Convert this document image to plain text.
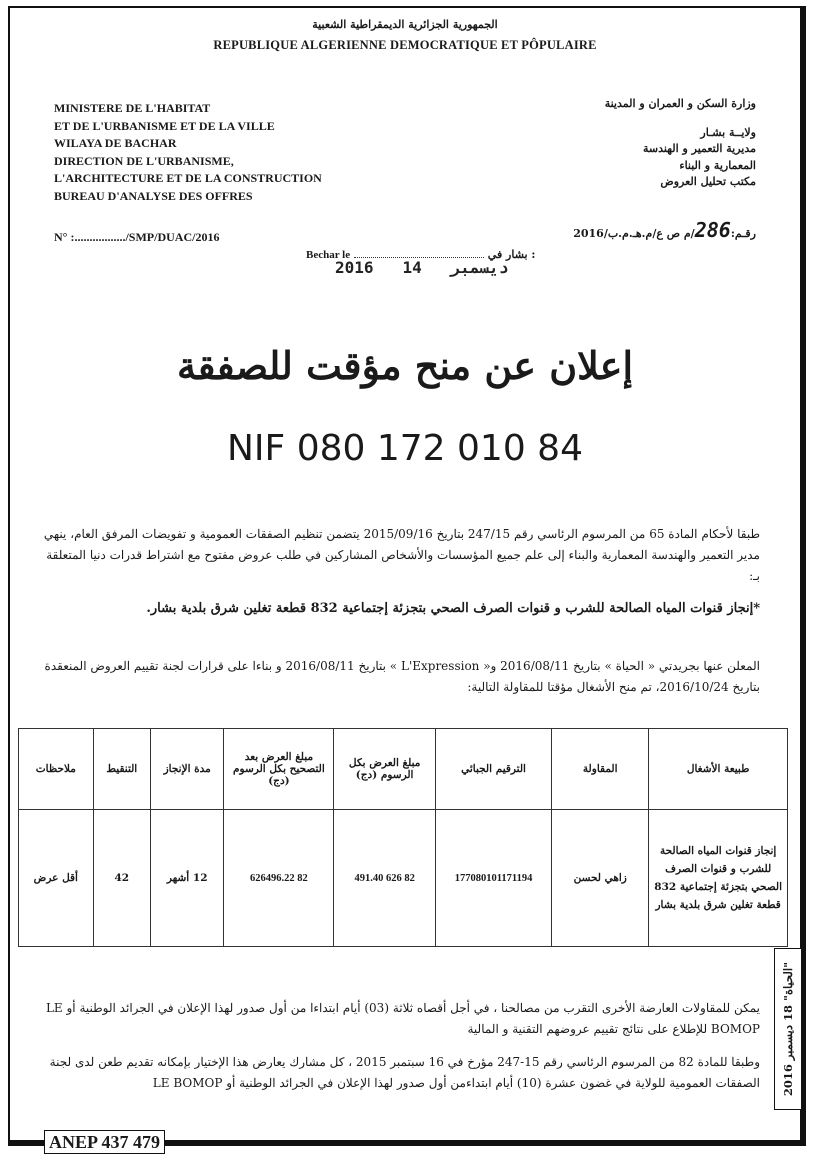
الجمهورية الجزائرية الديمقراطية الشعبية
REPUBLIQUE ALGERIENNE DEMOCRATIQUE ET PÔPULAIRE
MINISTERE DE L'HABITAT
ET DE L'URBANISME ET DE LA VILLE
WILAYA DE BACHAR
DIRECTION DE L'URBANISME,
L'ARCHITECTURE ET DE LA CONSTRUCTION
BUREAU D'ANALYSE DES OFFRES
N° :................./SMP/DUAC/2016
وزارة السكن و العمران و المدينة
ولايــة بشـار
مديرية التعمير و الهندسة
المعمارية و البناء
مكتب تحليل العروض
رقـم:286/م ص ع/م.هـ.م.ب/2016
Bechar le	بشار في :
2016   ديسمبر   14
إعلان عن منح مؤقت للصفقة
NIF 080 172 010 84
طبقا لأحكام المادة 65 من المرسوم الرئاسي رقم 247/15 بتاريخ 2015/09/16 يتضمن تنظيم الصفقات العمومية و تفويضات المرفق العام، ينهي مدير التعمير والهندسة المعمارية والبناء إلى علم جميع المؤسسات والأشخاص المشاركين في طلب عروض مفتوح مع اشتراط قدرات دنيا المتعلقة بـ:
*إنجاز قنوات المياه الصالحة للشرب و قنوات الصرف الصحي بتجزئة إجتماعية 832 قطعة تغلين شرق بلدية بشار.
المعلن عنها بجريدتي « الحياة » بتاريخ 2016/08/11 و« L'Expression » بتاريخ 2016/08/11 و بناءا على قرارات لجنة تقييم العروض المنعقدة بتاريخ 2016/10/24، تم منح الأشغال مؤقتا للمقاولة التالية:
طبيعة الأشغال	المقاولة	الترقيم الجبائي	مبلغ العرض بكل الرسوم (دج)	مبلغ العرض بعد التصحيح بكل الرسوم (دج)	مدة الإنجاز	التنقيط	ملاحظات
إنجاز قنوات المياه الصالحة للشرب و قنوات الصرف الصحي بتجزئة إجتماعية 832 قطعة تغلين شرق بلدية بشار	زاهي لحسن	177080101171194	82 626 491.40	82 626496.22	12 أشهر	42	أقل عرض
يمكن للمقاولات العارضة الأخرى التقرب من مصالحنا ، في أجل أقصاه ثلاثة (03) أيام ابتداءا من أول صدور لهذا الإعلان في الجرائد الوطنية أو LE BOMOP للإطلاع على نتائج تقييم عروضهم التقنية و المالية
وطبقا للمادة 82 من المرسوم الرئاسي رقم 15-247 مؤرخ في 16 سبتمبر 2015 ، كل مشارك يعارض هذا الإختيار بإمكانه تقديم طعن لدى لجنة الصفقات العمومية للولاية في غضون عشرة (10) أيام ابتداءمن أول صدور لهذا الإعلان في الجرائد الوطنية أو LE BOMOP "الحياة" 18 ديسمبر 2016
ANEP 437 479
